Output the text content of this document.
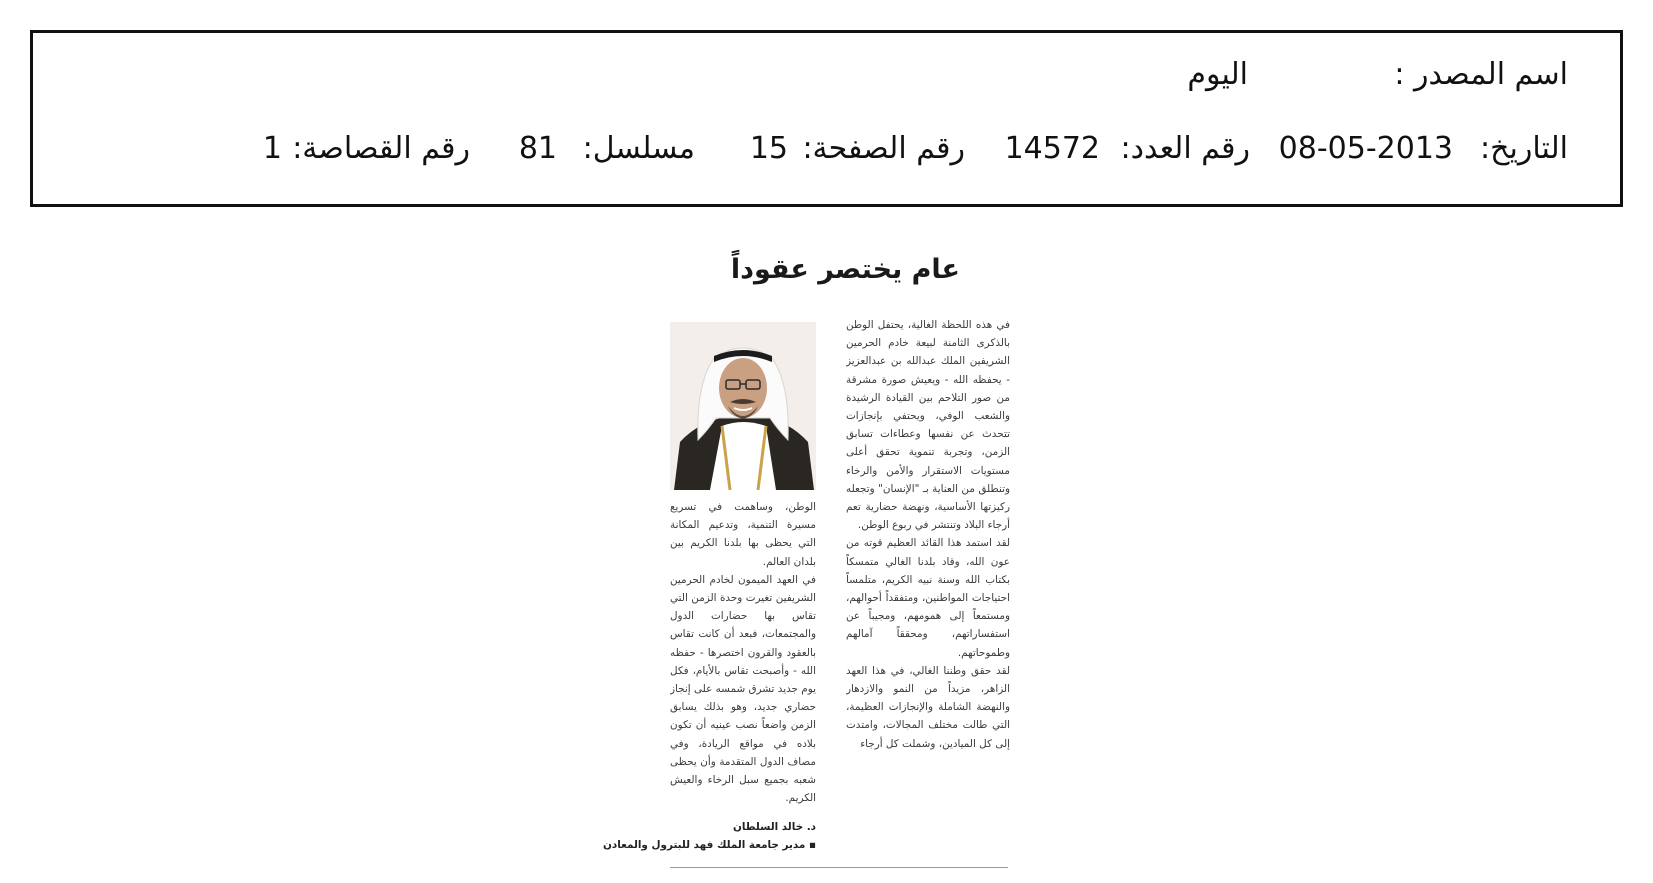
اسم المصدر :
اليوم
التاريخ:
08-05-2013
رقم العدد:
14572
رقم الصفحة:
15
مسلسل:
81
رقم القصاصة:
1
عام يختصر عقوداً

في هذه اللحظة الغالية، يحتفل الوطن بالذكرى الثامنة لبيعة خادم الحرمين الشريفين الملك عبدالله بن عبدالعزيز - يحفظه الله - ويعيش صورة مشرقة من صور التلاحم بين القيادة الرشيدة والشعب الوفي، ويحتفي بإنجازات تتحدث عن نفسها وعطاءات تسابق الزمن، وتجربة تنموية تحقق أعلى مستويات الاستقرار والأمن والرخاء وتنطلق من العناية بـ "الإنسان" وتجعله ركيزتها الأساسية، ونهضة حضارية تعم أرجاء البلاد وتنتشر في ربوع الوطن.

لقد استمد هذا القائد العظيم قوته من عون الله، وقاد بلدنا الغالي متمسكاً بكتاب الله وسنة نبيه الكريم، متلمساً احتياجات المواطنين، ومتفقداً أحوالهم، ومستمعاً إلى همومهم، ومجيباً عن استفساراتهم، ومحققاً آمالهم وطموحاتهم.

لقد حقق وطننا الغالي، في هذا العهد الزاهر، مزيداً من النمو والازدهار والنهضة الشاملة والإنجازات العظيمة، التي طالت مختلف المجالات، وامتدت إلى كل الميادين، وشملت كل أرجاء

الوطن، وساهمت في تسريع مسيرة التنمية، وتدعيم المكانة التي يحظى بها بلدنا الكريم بين بلدان العالم.

في العهد الميمون لخادم الحرمين الشريفين تغيرت وحدة الزمن التي تقاس بها حضارات الدول والمجتمعات، فبعد أن كانت تقاس بالعقود والقرون اختصرها - حفظه الله - وأصبحت تقاس بالأيام، فكل يوم جديد تشرق شمسه على إنجاز حضاري جديد، وهو بذلك يسابق الزمن واضعاً نصب عينيه أن تكون بلاده في مواقع الريادة، وفي مصاف الدول المتقدمة وأن يحظى شعبه بجميع سبل الرخاء والعيش الكريم.

د. خالد السلطان
▪ مدير جامعة الملك فهد للبترول والمعادن
